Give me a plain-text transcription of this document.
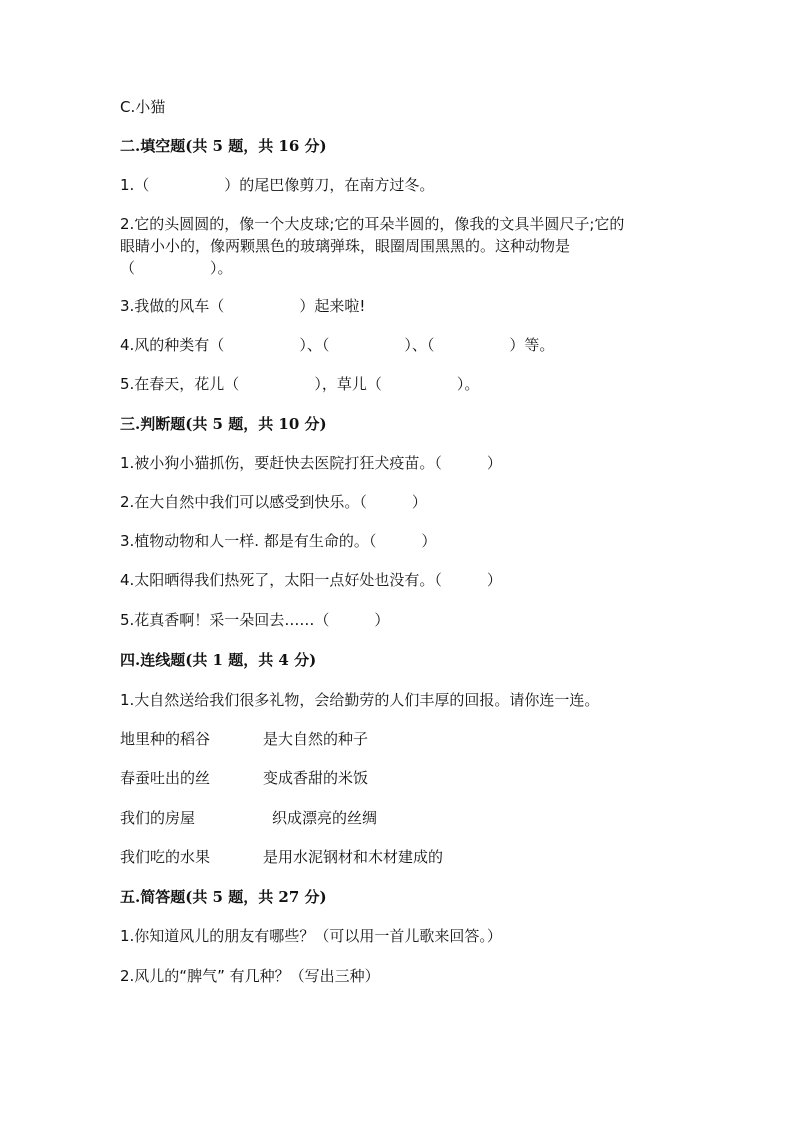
C.小猫
二.填空题(共 5 题，共 16 分)
1.（　　　　　）的尾巴像剪刀，在南方过冬。
2.它的头圆圆的，像一个大皮球;它的耳朵半圆的，像我的文具半圆尺子;它的
眼睛小小的，像两颗黑色的玻璃弹珠，眼圈周围黑黑的。这种动物是
（　　　　　）。
3.我做的风车（　　　　　）起来啦!
4.风的种类有（　　　　　）、（　　　　　）、（　　　　　）等。
5.在春天，花儿（　　　　　），草儿（　　　　　）。
三.判断题(共 5 题，共 10 分)
1.被小狗小猫抓伤，要赶快去医院打狂犬疫苗。（　　　）
2.在大自然中我们可以感受到快乐。（　　　）
3.植物动物和人一样. 都是有生命的。（　　　）
4.太阳晒得我们热死了，太阳一点好处也没有。（　　　）
5.花真香啊！采一朵回去……（　　　）
四.连线题(共 1 题，共 4 分)
1.大自然送给我们很多礼物，会给勤劳的人们丰厚的回报。请你连一连。
地里种的稻谷	是大自然的种子
春蚕吐出的丝	变成香甜的米饭
我们的房屋	织成漂亮的丝绸
我们吃的水果	是用水泥钢材和木材建成的
五.简答题(共 5 题，共 27 分)
1.你知道风儿的朋友有哪些？（可以用一首儿歌来回答。）
2.风儿的“脾气” 有几种？（写出三种）
